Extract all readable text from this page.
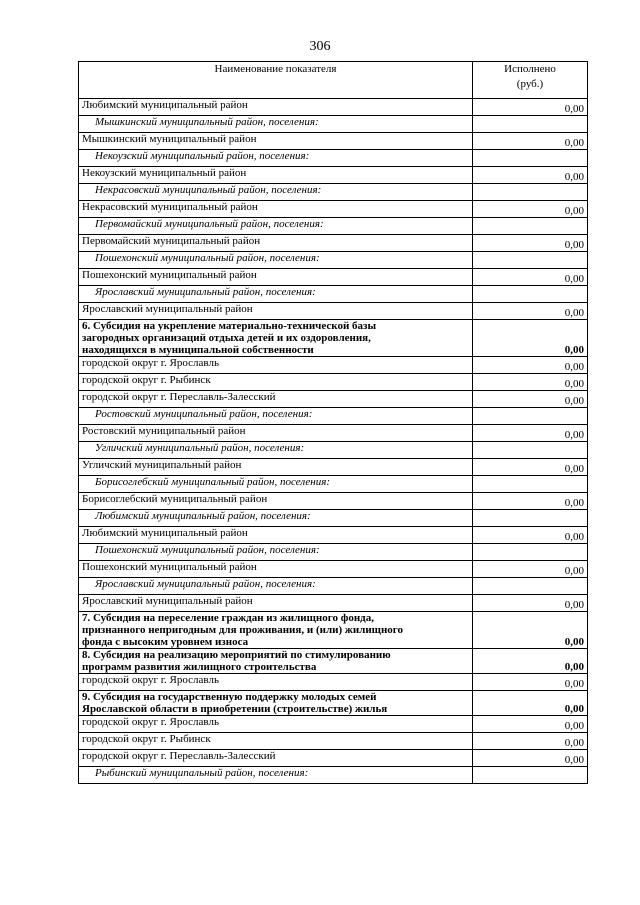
306
Наименование показателя	Исполнено
(руб.)

Любимский муниципальный район	0,00
Мышкинский муниципальный район, поселения:	
Мышкинский муниципальный район	0,00
Некоузский муниципальный район, поселения:	
Некоузский муниципальный район	0,00
Некрасовский муниципальный район, поселения:	
Некрасовский муниципальный район	0,00
Первомайский муниципальный район, поселения:	
Первомайский муниципальный район	0,00
Пошехонский муниципальный район, поселения:	
Пошехонский муниципальный район	0,00
Ярославский муниципальный район, поселения:	
Ярославский муниципальный район	0,00

6. Субсидия на укрепление материально-технической базы
загородных организаций отдыха детей и их оздоровления,
находящихся в муниципальной собственности	0,00
городской округ г. Ярославль	0,00
городской округ г. Рыбинск	0,00
городской округ г. Переславль-Залесский	0,00
Ростовский муниципальный район, поселения:	
Ростовский муниципальный район	0,00
Угличский муниципальный район, поселения:	
Угличский муниципальный район	0,00
Борисоглебский муниципальный район, поселения:	
Борисоглебский муниципальный район	0,00
Любимский муниципальный район, поселения:	
Любимский муниципальный район	0,00
Пошехонский муниципальный район, поселения:	
Пошехонский муниципальный район	0,00
Ярославский муниципальный район, поселения:	
Ярославский муниципальный район	0,00

7. Субсидия на переселение граждан из жилищного фонда,
признанного непригодным для проживания, и (или) жилищного
фонда с высоким уровнем износа	0,00

8. Субсидия на реализацию мероприятий по стимулированию
программ развития жилищного строительства	0,00
городской округ г. Ярославль	0,00

9. Субсидия на государственную поддержку молодых семей
Ярославской области в приобретении (строительстве) жилья	0,00
городской округ г. Ярославль	0,00
городской округ г. Рыбинск	0,00
городской округ г. Переславль-Залесский	0,00
Рыбинский муниципальный район, поселения:	
